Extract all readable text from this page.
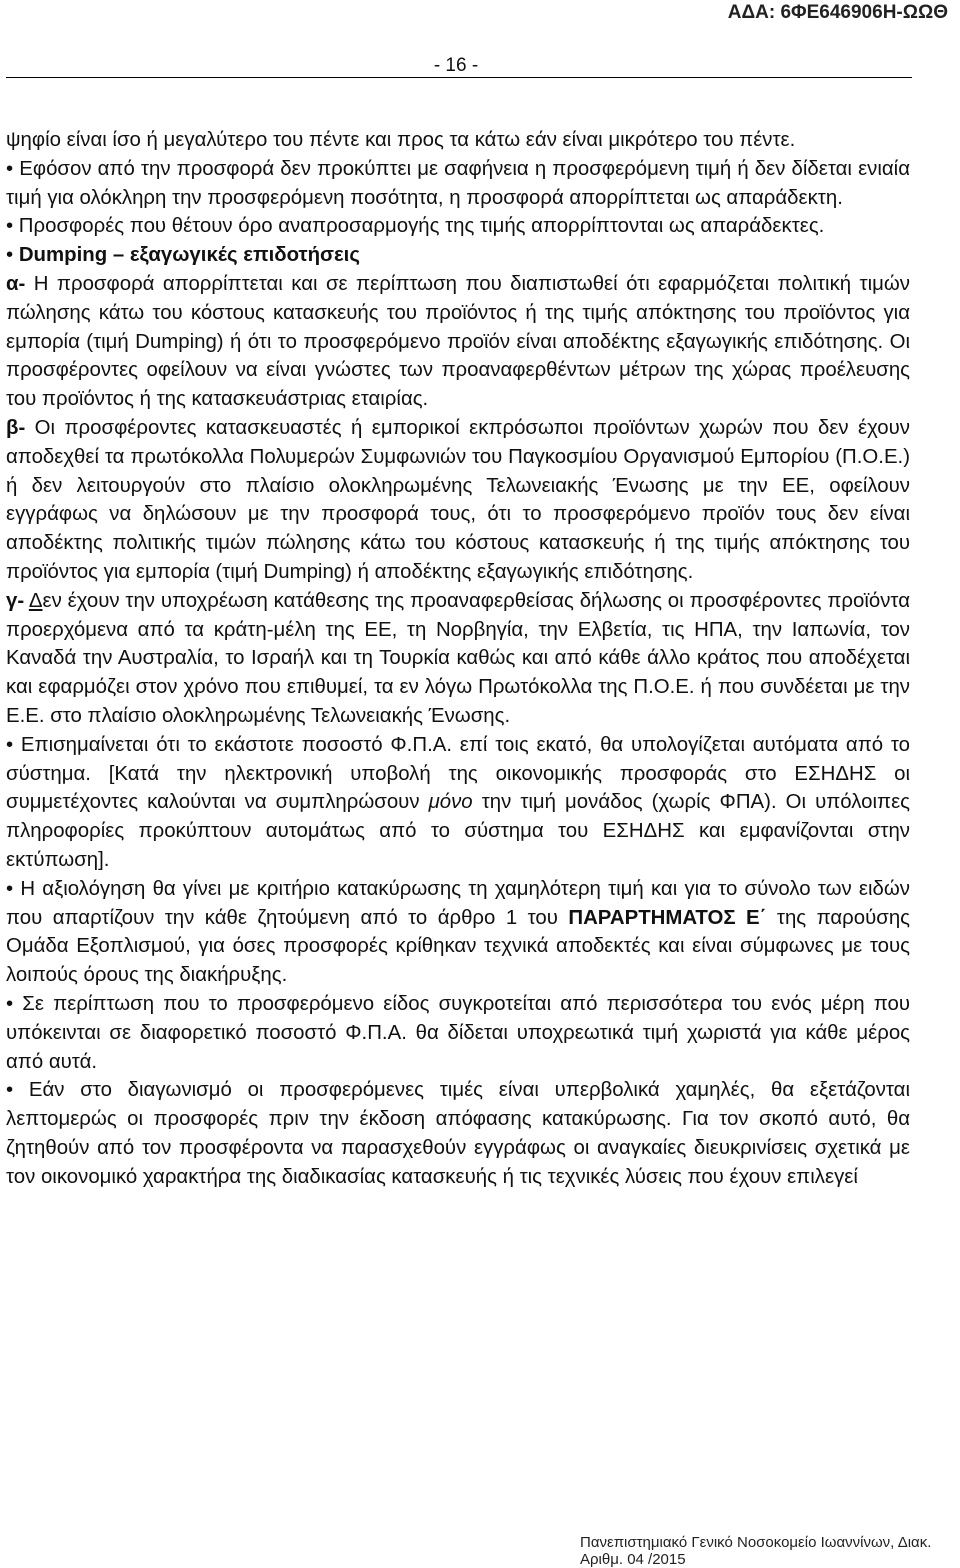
ΑΔΑ: 6ΦΕ646906Η-ΩΩΘ
- 16 -

ψηφίο είναι ίσο ή μεγαλύτερο του πέντε και προς τα κάτω εάν είναι μικρότερο του πέντε.

• Εφόσον από την προσφορά δεν προκύπτει με σαφήνεια η προσφερόμενη τιμή ή δεν δίδεται ενιαία τιμή για ολόκληρη την προσφερόμενη ποσότητα, η προσφορά απορρίπτεται ως απαράδεκτη.

• Προσφορές που θέτουν όρο αναπροσαρμογής της τιμής απορρίπτονται ως απαράδεκτες.

• Dumping – εξαγωγικές επιδοτήσεις

α- Η προσφορά απορρίπτεται και σε περίπτωση που διαπιστωθεί ότι εφαρμόζεται πολιτική τιμών πώλησης κάτω του κόστους κατασκευής του προϊόντος ή της τιμής απόκτησης του προϊόντος για εμπορία (τιμή Dumping) ή ότι το προσφερόμενο προϊόν είναι αποδέκτης εξαγωγικής επιδότησης. Οι προσφέροντες οφείλουν να είναι γνώστες των προαναφερθέντων μέτρων της χώρας προέλευσης του προϊόντος ή της κατασκευάστριας εταιρίας.

β- Οι προσφέροντες κατασκευαστές ή εμπορικοί εκπρόσωποι προϊόντων χωρών που δεν έχουν αποδεχθεί τα πρωτόκολλα Πολυμερών Συμφωνιών του Παγκοσμίου Οργανισμού Εμπορίου (Π.Ο.Ε.) ή δεν λειτουργούν στο πλαίσιο ολοκληρωμένης Τελωνειακής Ένωσης με την ΕΕ, οφείλουν εγγράφως να δηλώσουν με την προσφορά τους, ότι το προσφερόμενο προϊόν τους δεν είναι αποδέκτης πολιτικής τιμών πώλησης κάτω του κόστους κατασκευής ή της τιμής απόκτησης του προϊόντος για εμπορία (τιμή Dumping) ή αποδέκτης εξαγωγικής επιδότησης.

γ- Δεν έχουν την υποχρέωση κατάθεσης της προαναφερθείσας δήλωσης οι προσφέροντες προϊόντα προερχόμενα από τα κράτη-μέλη της ΕΕ, τη Νορβηγία, την Ελβετία, τις ΗΠΑ, την Ιαπωνία, τον Καναδά την Αυστραλία, το Ισραήλ και τη Τουρκία καθώς και από κάθε άλλο κράτος που αποδέχεται και εφαρμόζει στον χρόνο που επιθυμεί, τα εν λόγω Πρωτόκολλα της Π.Ο.Ε. ή που συνδέεται με την Ε.Ε. στο πλαίσιο ολοκληρωμένης Τελωνειακής Ένωσης.

• Επισημαίνεται ότι το εκάστοτε ποσοστό Φ.Π.Α. επί τοις εκατό, θα υπολογίζεται αυτόματα από το σύστημα. [Κατά την ηλεκτρονική υποβολή της οικονομικής προσφοράς στο ΕΣΗΔΗΣ οι συμμετέχοντες καλούνται να συμπληρώσουν μόνο την τιμή μονάδος (χωρίς ΦΠΑ). Οι υπόλοιπες πληροφορίες προκύπτουν αυτομάτως από το σύστημα του ΕΣΗΔΗΣ και εμφανίζονται στην εκτύπωση].

• Η αξιολόγηση θα γίνει με κριτήριο κατακύρωσης τη χαμηλότερη τιμή και για το σύνολο των ειδών που απαρτίζουν την κάθε ζητούμενη από το άρθρο 1 του ΠΑΡΑΡΤΗΜΑΤΟΣ Ε΄ της παρούσης Ομάδα Εξοπλισμού, για όσες προσφορές κρίθηκαν τεχνικά αποδεκτές και είναι σύμφωνες με τους λοιπούς όρους της διακήρυξης.

• Σε περίπτωση που το προσφερόμενο είδος συγκροτείται από περισσότερα του ενός μέρη που υπόκεινται σε διαφορετικό ποσοστό Φ.Π.Α. θα δίδεται υποχρεωτικά τιμή χωριστά για κάθε μέρος από αυτά.

• Εάν στο διαγωνισμό οι προσφερόμενες τιμές είναι υπερβολικά χαμηλές, θα εξετάζονται λεπτομερώς οι προσφορές πριν την έκδοση απόφασης κατακύρωσης. Για τον σκοπό αυτό, θα ζητηθούν από τον προσφέροντα να παρασχεθούν εγγράφως οι αναγκαίες διευκρινίσεις σχετικά με τον οικονομικό χαρακτήρα της διαδικασίας κατασκευής ή τις τεχνικές λύσεις που έχουν επιλεγεί

Πανεπιστημιακό Γενικό Νοσοκομείο Ιωαννίνων, Διακ. Αριθμ. 04 /2015
